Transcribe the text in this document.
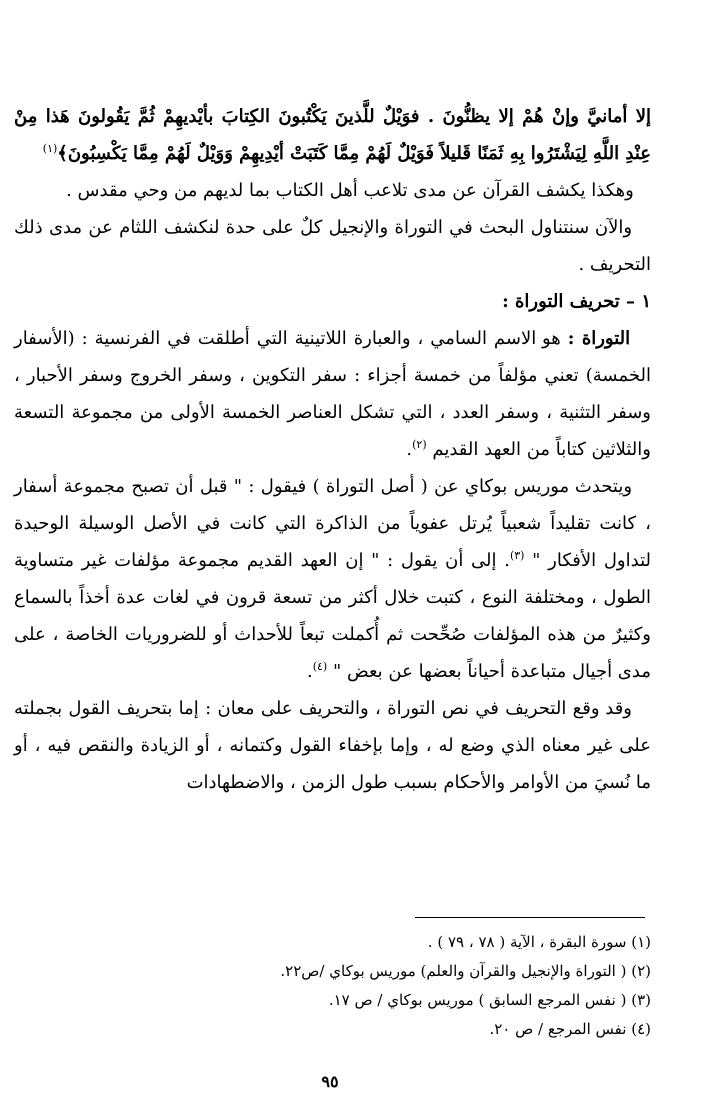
إلا أمانيَّ وإنْ هُمْ إلا يظنُّونَ . فوَيْلٌ للَّذينَ يَكْتُبونَ الكِتابَ بأيْديهِمْ ثُمَّ يَقُولونَ هَذا مِنْ عِنْدِ اللَّهِ لِيَشْتَرُوا بِهِ ثَمَنًا قَليلاً فَوَيْلٌ لَهُمْ مِمَّا كَتَبَتْ أيْدِيهِمْ وَوَيْلٌ لَهُمْ مِمَّا يَكْسِبُونَ﴾$^{(١)}$

وهكذا يكشف القرآن عن مدى تلاعب أهل الكتاب بما لديهم من وحي مقدس .

والآن سنتناول البحث في التوراة والإنجيل كلٌ على حدة لنكشف اللثام عن مدى ذلك التحريف .

١ – تحريف التوراة :

التوراة : هو الاسم السامي ، والعبارة اللاتينية التي أطلقت في الفرنسية : (الأسفار الخمسة) تعني مؤلفاً من خمسة أجزاء : سفر التكوين ، وسفر الخروج وسفر الأحبار ، وسفر التثنية ، وسفر العدد ، التي تشكل العناصر الخمسة الأولى من مجموعة التسعة والثلاثين كتاباً من العهد القديم $^{(٢)}$.

ويتحدث موريس بوكاي عن ( أصل التوراة ) فيقول : " قبل أن تصبح مجموعة أسفار ، كانت تقليداً شعبياً يُرتل عفوياً من الذاكرة التي كانت في الأصل الوسيلة الوحيدة لتداول الأفكار " $^{(٣)}$. إلى أن يقول : " إن العهد القديم مجموعة مؤلفات غير متساوية الطول ، ومختلفة النوع ، كتبت خلال أكثر من تسعة قرون في لغات عدة أخذاً بالسماع وكثيرٌ من هذه المؤلفات صُحِّحت ثم أُكملت تبعاً للأحداث أو للضروريات الخاصة ، على مدى أجيال متباعدة أحياناً بعضها عن بعض " $^{(٤)}$.

وقد وقع التحريف في نص التوراة ، والتحريف على معان : إما بتحريف القول بجملته على غير معناه الذي وضع له ، وإما بإخفاء القول وكتمانه ، أو الزيادة والنقص فيه ، أو ما نُسيَ من الأوامر والأحكام بسبب طول الزمن ، والاضطهادات

(١) سورة البقرة ، الآية ( ٧٨ ، ٧٩ ) .
(٢) ( التوراة والإنجيل والقرآن والعلم) موريس بوكاي /ص٢٢.
(٣) ( نفس المرجع السابق ) موريس بوكاي / ص ١٧.
(٤) نفس المرجع / ص ٢٠.
٩٥
